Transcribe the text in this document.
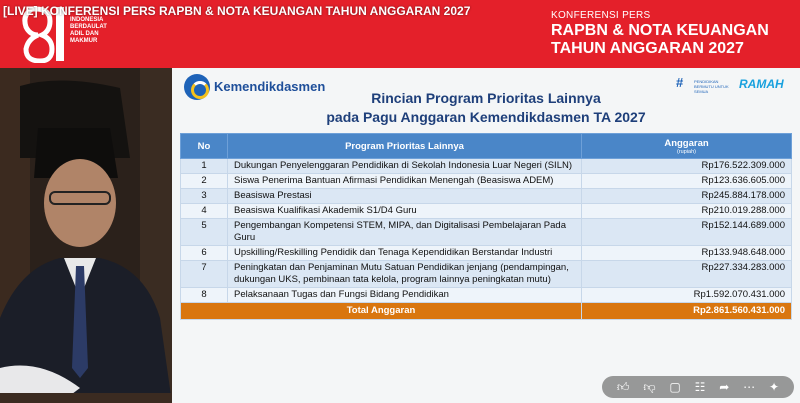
[LIVE] KONFERENSI PERS RAPBN & NOTA KEUANGAN TAHUN ANGGARAN 2027
INDONESIA
BERDAULAT
ADIL DAN
MAKMUR
KONFERENSI PERS
RAPBN & NOTA KEUANGAN
TAHUN ANGGARAN 2027
Kemendikdasmen	#	PENDIDIKAN BERMUTU UNTUK SEMUA
RAMAH
Rincian Program Prioritas Lainnya
pada Pagu Anggaran Kemendikdasmen TA 2027
No	Program Prioritas Lainnya	Anggaran
(rupiah)

1	Dukungan Penyelenggaran Pendidikan di Sekolah Indonesia Luar Negeri (SILN)	Rp176.522.309.000
2	Siswa Penerima Bantuan Afirmasi Pendidikan Menengah (Beasiswa ADEM)	Rp123.636.605.000
3	Beasiswa Prestasi	Rp245.884.178.000
4	Beasiswa Kualifikasi Akademik S1/D4 Guru	Rp210.019.288.000
5	Pengembangan Kompetensi STEM, MIPA, dan Digitalisasi Pembelajaran Pada Guru	Rp152.144.689.000
6	Upskilling/Reskilling Pendidik dan Tenaga Kependidikan Berstandar Industri	Rp133.948.648.000
7	Peningkatan dan Penjaminan Mutu Satuan Pendidikan jenjang (pendampingan, dukungan UKS, pembinaan tata kelola, program lainnya peningkatan mutu)	Rp227.334.283.000
8	Pelaksanaan Tugas dan Fungsi Bidang Pendidikan	Rp1.592.070.431.000
Total Anggaran		Rp2.861.560.431.000
👍︎ 👎︎ ▢ ☷ ➦ ⋯ ✦
